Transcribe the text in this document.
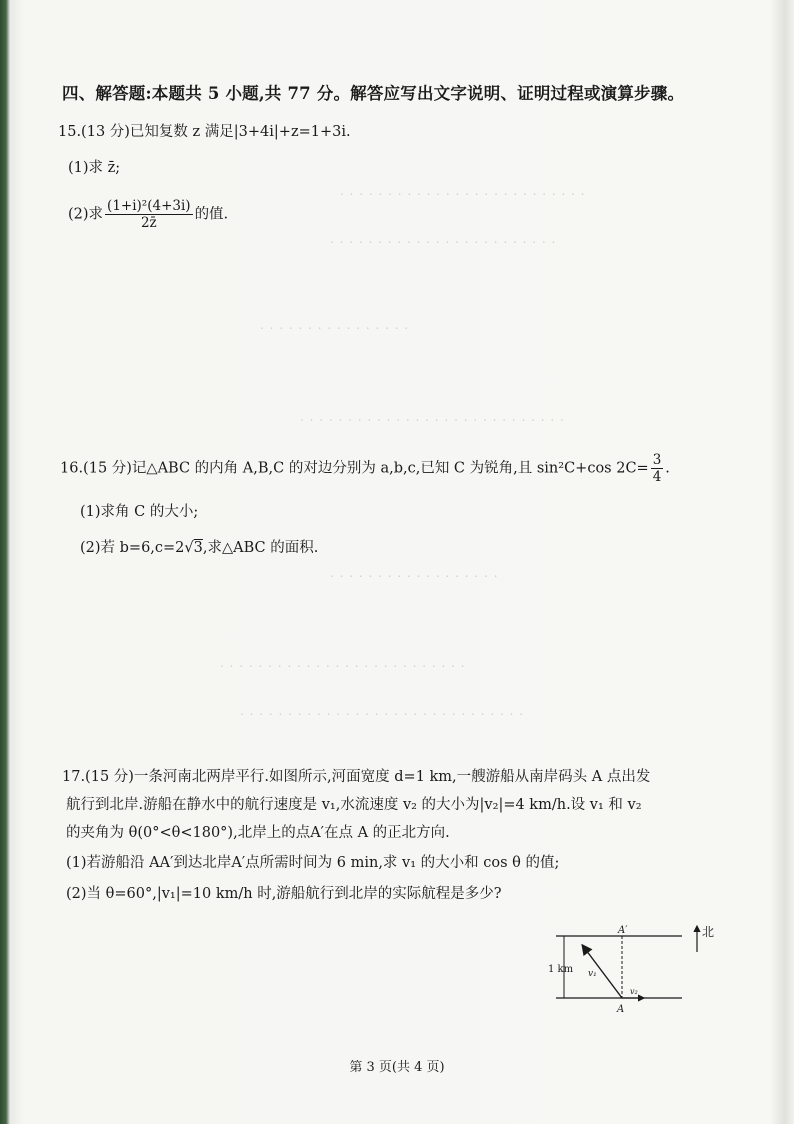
. . . . . . . . . . . . . . . . . . . . . . . . . .
. . . . . . . . . . . . . . . . . . . . . . . .
. . . . . . . . . . . . . . . .
. . . . . . . . . . . . . . . . . . . . . . . . . . . .
. . . . . . . . . . . . . . . . . .
. . . . . . . . . . . . . . . . . . . . . . . . . .
. . . . . . . . . . . . . . . . . . . . . . . . . . . . . .
四、解答题:本题共 5 小题,共 77 分。解答应写出文字说明、证明过程或演算步骤。
15.(13 分)已知复数 z 满足|3+4i|+z=1+3i.
(1)求 z̄;
(2)求 $\frac{\text{(1+i)²(4+3i)}}{2z̄}$ 的值.
16.(15 分)记△ABC 的内角 A,B,C 的对边分别为 a,b,c,已知 C 为锐角,且 sin²C+cos $2C= \frac{3}{4}$ .
(1)求角 C 的大小;
(2)若 b=6,c=2√3,求△ABC 的面积.
17.(15 分)一条河南北两岸平行.如图所示,河面宽度 d=1 km,一艘游船从南岸码头 A 点出发
航行到北岸.游船在静水中的航行速度是 v₁,水流速度 v₂ 的大小为|v₂|=4 km/h.设 v₁ 和 v₂
的夹角为 θ(0°<θ<180°),北岸上的点A′在点 A 的正北方向.
(1)若游船沿 AA′到达北岸A′点所需时间为 6 min,求 v₁ 的大小和 cos θ 的值;
(2)当 θ=60°,|v₁|=10 km/h 时,游船航行到北岸的实际航程是多少?
北
1 km
A′
A
v₁
v₂
第 3 页(共 4 页)
